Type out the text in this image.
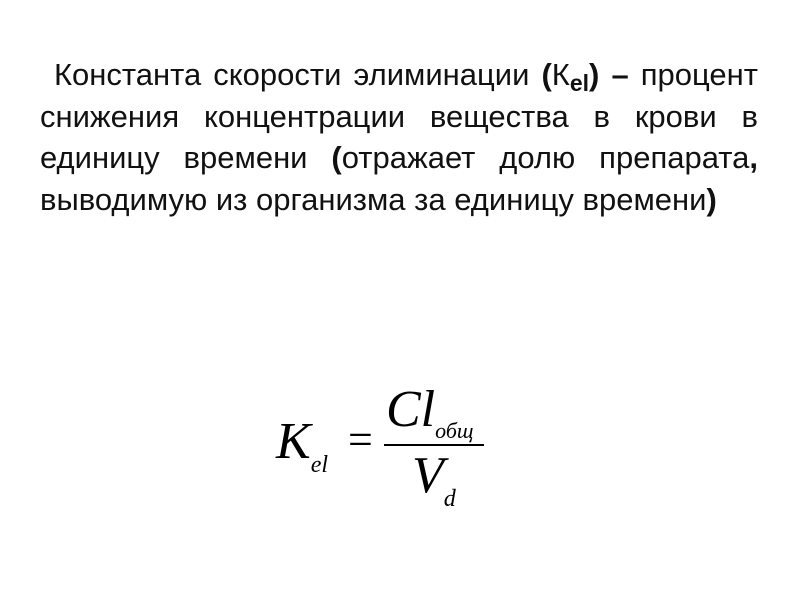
Константа скорости элиминации $(К_{el})$ – процент снижения концентрации вещества в крови в единицу времени (отражает долю препарата, выводимую из организма за единицу времени)
$K_{el}$
=
$Cl_{общ}$
$V_d$
